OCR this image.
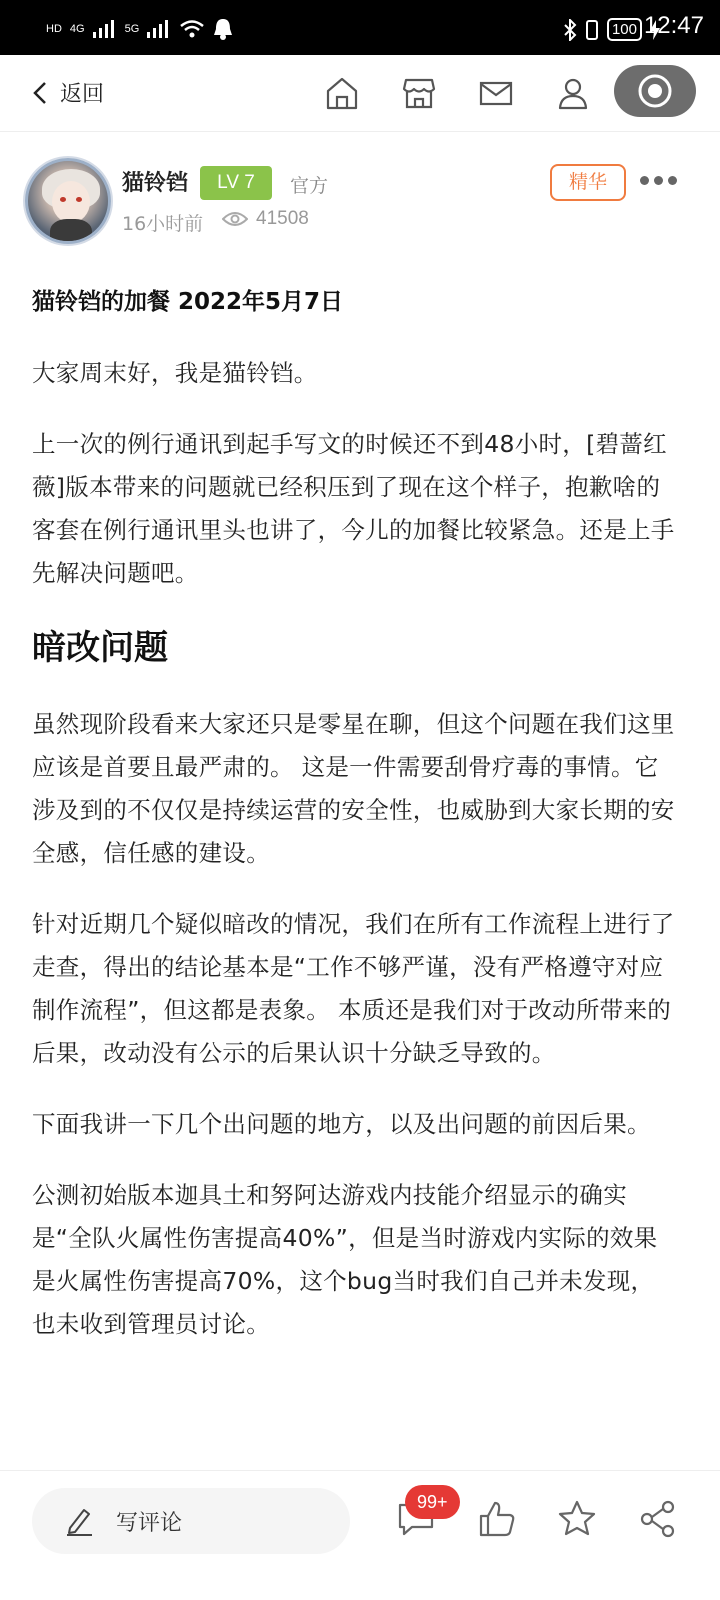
HD 4G	5G	100 12:47
返回
猫铃铛	LV 7	官方
16小时前	41508
精华
猫铃铛的加餐 2022年5月7日

大家周末好，我是猫铃铛。

上一次的例行通讯到起手写文的时候还不到48小时，[碧蔷红薇]版本带来的问题就已经积压到了现在这个样子，抱歉啥的客套在例行通讯里头也讲了，今儿的加餐比较紧急。还是上手先解决问题吧。

暗改问题

虽然现阶段看来大家还只是零星在聊，但这个问题在我们这里应该是首要且最严肃的。 这是一件需要刮骨疗毒的事情。它涉及到的不仅仅是持续运营的安全性，也威胁到大家长期的安全感，信任感的建设。

针对近期几个疑似暗改的情况，我们在所有工作流程上进行了走查，得出的结论基本是“工作不够严谨，没有严格遵守对应制作流程”，但这都是表象。 本质还是我们对于改动所带来的后果，改动没有公示的后果认识十分缺乏导致的。

下面我讲一下几个出问题的地方，以及出问题的前因后果。

公测初始版本迦具土和努阿达游戏内技能介绍显示的确实是“全队火属性伤害提高40%”，但是当时游戏内实际的效果是火属性伤害提高70%，这个bug当时我们自己并未发现，也未收到管理员讨论。

写评论
99+
